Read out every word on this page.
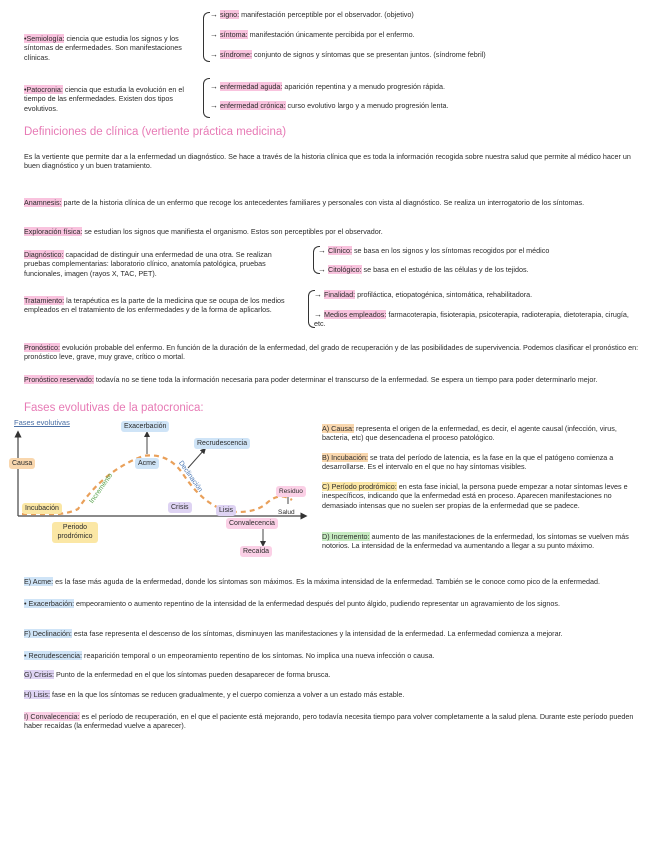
•Semiología: ciencia que estudia los signos y los síntomas de enfermedades. Son manifestaciones clínicas.
→ signo: manifestación perceptible por el observador. (objetivo)
→ síntoma: manifestación únicamente percibida por el enfermo.
→ síndrome: conjunto de signos y síntomas que se presentan juntos. (síndrome febril)
•Patocronia: ciencia que estudia la evolución en el tiempo de las enfermedades. Existen dos tipos evolutivos.
→ enfermedad aguda: aparición repentina y a menudo progresión rápida.
→ enfermedad crónica: curso evolutivo largo y a menudo progresión lenta.
Definiciones de clínica (vertiente práctica medicina)
Es la vertiente que permite dar a la enfermedad un diagnóstico. Se hace a través de la historia clínica que es toda la información recogida sobre nuestra salud que permite al médico hacer un buen diagnóstico y un buen tratamiento.
Anamnesis: parte de la historia clínica de un enfermo que recoge los antecedentes familiares y personales con vista al diagnóstico. Se realiza un interrogatorio de los síntomas.
Exploración física: se estudian los signos que manifiesta el organismo. Estos son perceptibles por el observador.
Diagnóstico: capacidad de distinguir una enfermedad de una otra. Se realizan pruebas complementarias: laboratorio clínico, anatomía patológica, pruebas funcionales, imagen (rayos X, TAC, PET).
→ Clínico: se basa en los signos y los síntomas recogidos por el médico
→ Citológico: se basa en el estudio de las células y de los tejidos.
Tratamiento: la terapéutica es la parte de la medicina que se ocupa de los medios empleados en el tratamiento de los enfermedades y de la forma de aplicarlos.
→ Finalidad: profiláctica, etiopatogénica, sintomática, rehabilitadora.
→ Medios empleados: farmacoterapia, fisioterapia, psicoterapia, radioterapia, dietoterapia, cirugía, etc.
Pronóstico: evolución probable del enfermo. En función de la duración de la enfermedad, del grado de recuperación y de las posibilidades de supervivencia. Podemos clasificar el pronóstico en: pronóstico leve, grave, muy grave, crítico o mortal.
Pronóstico reservado: todavía no se tiene toda la información necesaria para poder determinar el transcurso de la enfermedad. Se espera un tiempo para poder determinarlo mejor.
Fases evolutivas de la patocronica:
Fases evolutivas
Causa
Incubación
Periodo prodrómico
Incremento
Acme
Exacerbación
Declinación
Recrudescencia
Crisis	Lisis
Convalecencia
Recaída
Residuo
Salud
A) Causa: representa el origen de la enfermedad, es decir, el agente causal (infección, virus, bacteria, etc) que desencadena el proceso patológico.
B) Incubación: se trata del período de latencia, es la fase en la que el patógeno comienza a desarrollarse. Es el intervalo en el que no hay síntomas visibles.
C) Período prodrómico: en esta fase inicial, la persona puede empezar a notar síntomas leves e inespecíficos, indicando que la enfermedad está en proceso. Aparecen manifestaciones no demasiado intensas que no suelen ser propias de la enfermedad que se padece.
D) Incremento: aumento de las manifestaciones de la enfermedad, los síntomas se vuelven más notorios. La intensidad de la enfermedad va aumentando a llegar a su punto máximo.
E) Acme: es la fase más aguda de la enfermedad, donde los síntomas son máximos. Es la máxima intensidad de la enfermedad. También se le conoce como pico de la enfermedad.
• Exacerbación: empeoramiento o aumento repentino de la intensidad de la enfermedad después del punto álgido, pudiendo representar un agravamiento de los signos.
F) Declinación: esta fase representa el descenso de los síntomas, disminuyen las manifestaciones y la intensidad de la enfermedad. La enfermedad comienza a mejorar.
• Recrudescencia: reaparición temporal o un empeoramiento repentino de los síntomas. No implica una nueva infección o causa.
G) Crisis: Punto de la enfermedad en el que los síntomas pueden desaparecer de forma brusca.
H) Lisis: fase en la que los síntomas se reducen gradualmente, y el cuerpo comienza a volver a un estado más estable.
I) Convalecencia: es el período de recuperación, en el que el paciente está mejorando, pero todavía necesita tiempo para volver completamente a la salud plena. Durante este período pueden haber recaídas (la enfermedad vuelve a aparecer).
